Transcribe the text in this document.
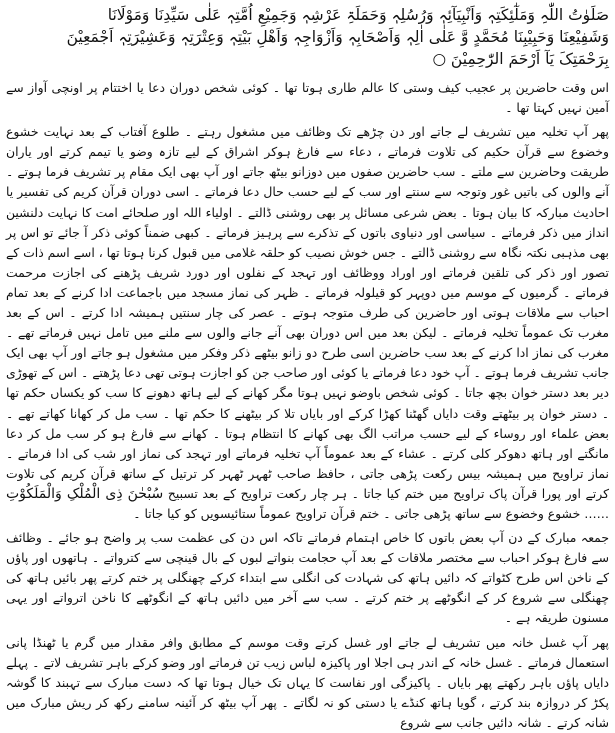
صَلَوٰتُ اللّٰہِ وَمَلٰٓئِکَتِہٖ وَاَنْبِیَآئِہٖ وَرُسُلِہٖ وَحَمَلَۃِ عَرْشِہٖ وَجَمِیْعِ اُمَّتِہٖ عَلٰی سَیِّدِنَا وَمَوْلَانَا

وَشَفِیْعِنَا وَحَبِیْبِنَا مُحَمَّدٍ وَّ عَلٰی اٰلِہٖ وَاَصْحَابِہٖ وَاَزْوَاجِہٖ وَاَھْلِ بَیْتِہٖ وَعِتْرَتِہٖ وَعَشِیْرَتِہٖ اَجْمَعِیْنَ

بِرَحْمَتِکَ یَآ اَرْحَمَ الرّٰحِمِیْنَ ○

اس وقت حاضرین پر عجیب کیف وستی کا عالم طاری ہوتا تھا ۔ کوئی شخص دوران دعا یا اختتام پر اونچی آواز سے آمین نہیں کہتا تھا ۔

پھر آپ تخلیہ میں تشریف لے جاتے اور دن چڑھے تک وظائف میں مشغول رہتے ۔ طلوع آفتاب کے بعد نہایت خشوع وخضوع سے قرآن حکیم کی تلاوت فرماتے ، دعاء سے فارغ ہوکر اشراق کے لیے تازہ وضو یا تیمم کرتے اور یاران طریقت وحاضرین سے ملتے ۔ سب حاضرین صفوں میں دوزانو بیٹھ جاتے اور آپ بھی ایک مقام پر تشریف فرما ہوتے ۔ آنے والوں کی باتیں غور وتوجہ سے سنتے اور سب کے لیے حسب حال دعا فرماتے ۔ اسی دوران قرآن کریم کی تفسیر یا احادیث مبارکہ کا بیان ہوتا ۔ بعض شرعی مسائل پر بھی روشنی ڈالتے ۔ اولیاء اللہ اور صلحائے امت کا نہایت دلنشین انداز میں ذکر فرماتے ۔ سیاسی اور دنیاوی باتوں کے تذکرے سے پرہیز فرماتے ۔ کبھی ضمناً کوئی ذکر آ جائے تو اس پر بھی مذہبی نکتہ نگاہ سے روشنی ڈالتے ۔ جس خوش نصیب کو حلقہ غلامی میں قبول کرنا ہوتا تھا ، اسے اسم ذات کے تصور اور ذکر کی تلقین فرماتے اور اوراد ووظائف اور تہجد کے نفلوں اور دورد شریف پڑھنے کی اجازت مرحمت فرماتے ۔ گرمیوں کے موسم میں دوپہر کو قیلولہ فرماتے ۔ ظہر کی نماز مسجد میں باجماعت ادا کرنے کے بعد تمام احباب سے ملاقات ہوتی اور حاضرین کی طرف متوجہ ہوتے ۔ عصر کی چار سنتیں ہمیشہ ادا کرتے ۔ اس کے بعد مغرب تک عموماً تخلیہ فرماتے ۔ لیکن بعد میں اس دوران بھی آنے جانے والوں سے ملنے میں تامل نہیں فرماتے تھے ۔ مغرب کی نماز ادا کرنے کے بعد سب حاضرین اسی طرح دو زانو بیٹھے ذکر وفکر میں مشغول ہو جاتے اور آپ بھی ایک جانب تشریف فرما ہوتے ۔ آپ خود دعا فرماتے یا کوئی اور صاحب جن کو اجازت ہوتی تھی دعا پڑھتے ۔ اس کے تھوڑی دیر بعد دستر خوان بچھ جاتا ۔ کوئی شخص باوضو نہیں ہوتا مگر کھانے کے لیے ہاتھ دھونے کا سب کو یکساں حکم تھا ۔ دستر خوان پر بیٹھتے وقت دایاں گھٹنا کھڑا کرکے اور بایاں تلا کر بیٹھنے کا حکم تھا ۔ سب مل کر کھانا کھاتے تھے ۔ بعض علماء اور روساء کے لیے حسب مراتب الگ بھی کھانے کا انتظام ہوتا ۔ کھانے سے فارغ ہو کر سب مل کر دعا مانگتے اور ہاتھ دھوکر کلی کرتے ۔ عشاء کے بعد عموماً آپ تخلیہ فرماتے اور تہجد کی نماز اور شب کی ادا فرماتے ۔ نماز تراویح میں ہمیشہ بیس رکعت پڑھی جاتی ، حافظ صاحب ٹھہر ٹھہر کر ترتیل کے ساتھ قرآن کریم کی تلاوت کرتے اور پورا قرآن پاک تراویح میں ختم کیا جاتا ۔ ہر چار رکعت تراویح کے بعد تسبیح سُبْحٰنَ ذِی الْمُلْکِ وَالْمَلَکُوْتِ …… خشوع وخضوع سے ساتھ پڑھی جاتی ۔ ختم قرآن تراویح عموماً ستائیسویں کو کیا جاتا ۔

جمعہ مبارک کے دن آپ بعض باتوں کا خاص اہتمام فرماتے تاکہ اس دن کی عظمت سب پر واضح ہو جائے ۔ وظائف سے فارغ ہوکر احباب سے مختصر ملاقات کے بعد آپ حجامت بنواتے لبوں کے بال قینچی سے کترواتے ۔ ہاتھوں اور پاؤں کے ناخن اس طرح کٹواتے کہ دائیں ہاتھ کی شہادت کی انگلی سے ابتداء کرکے چھنگلی پر ختم کرتے پھر بائیں ہاتھ کی چھنگلی سے شروع کر کے انگوٹھے پر ختم کرتے ۔ سب سے آخر میں دائیں ہاتھ کے انگوٹھے کا ناخن اترواتے اور یہی مسنون طریقہ ہے ۔

پھر آپ غسل خانہ میں تشریف لے جاتے اور غسل کرتے وقت موسم کے مطابق وافر مقدار میں گرم یا ٹھنڈا پانی استعمال فرماتے ۔ غسل خانہ کے اندر ہی اجلا اور پاکیزہ لباس زیب تن فرماتے اور وضو کرکے باہر تشریف لاتے ۔ پہلے دایاں پاؤں باہر رکھتے پھر بایاں ۔ پاکیزگی اور نفاست کا یہاں تک خیال ہوتا تھا کہ دست مبارک سے تہبند کا گوشہ پکڑ کر دروازہ بند کرتے ، گویا ہاتھ کنڈے یا دستی کو نہ لگاتے ۔ پھر آپ بیٹھ کر آئینہ سامنے رکھ کر ریش مبارک میں شانہ کرتے ۔ شانہ دائیں جانب سے شروع
